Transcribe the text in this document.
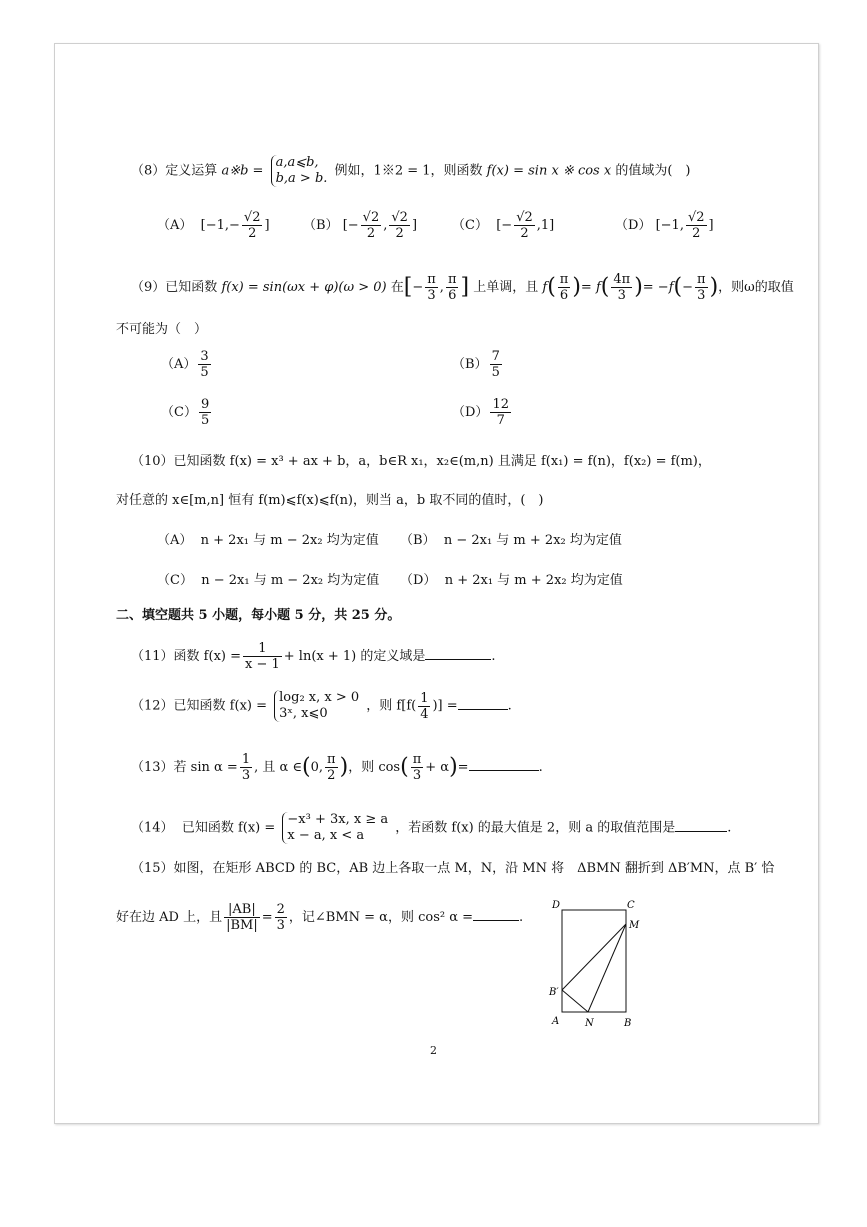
（8）定义运算 a※b = a,a⩽b,
b,a > b. 例如，1※2 = 1，则函数 f(x) = sin x ※ cos x 的值域为(　)
（A） [$-1,- \frac{√2}{2}$ ]	（B） [− $\frac{√2}{2}$ , $\frac{√2}{2}$ ]	（C） [− $\frac{√2}{2} ,1$]	（D） [−1, $\frac{√2}{2}$ ]
（9）已知函数 f(x) = sin(ωx + φ)(ω > 0) 在[− $\frac{\pi}{3}$ , $\frac{\pi}{6}$ ] 上单调，且 $f( \frac{\pi}{6}$ )= $f( \frac{4\pi}{3}$ )= $-f(- \frac{\pi}{3}$ )，则ω的取值
不可能为（　）
$(A) \frac{3}{5}$	$(B) \frac{7}{5}$
$(C) \frac{9}{5}$	$(D) \frac{12}{7}$
（10）已知函数 f(x) = x³ + ax + b，a，b∈R x₁，x₂∈(m,n) 且满足 f(x₁) = f(n)，f(x₂) = f(m)，
对任意的 x∈[m,n] 恒有 f(m)⩽f(x)⩽f(n)，则当 a，b 取不同的值时，(　)
（A） n + 2x₁ 与 m − 2x₂ 均为定值 （B） n − 2x₁ 与 m + 2x₂ 均为定值
（C） n − 2x₁ 与 m − 2x₂ 均为定值 （D） n + 2x₁ 与 m + 2x₂ 均为定值
二、填空题共 5 小题，每小题 5 分，共 25 分。
（11）函数 $f(x) = \frac{1}{x - 1} + \ln(x + 1)$ 的定义域是	.
（12）已知函数 f(x) = log₂ x, x > 0
3ˣ, x⩽0	，则 $f[f( \frac{1}{4}$ )] =	.
（13）若 $\sin \alpha = \frac{1}{3}$ , 且 α ∈(0, $\frac{\pi}{2}$ )，则 $\cos( \frac{\pi}{3} + \alpha)=$	.
（14） 已知函数 f(x) = −x³ + 3x, x ≥ a
x − a, x < a ，若函数 f(x) 的最大值是 2，则 a 的取值范围是	.
（15）如图，在矩形 ABCD 的 BC，AB 边上各取一点 M，N，沿 MN 将　ΔBMN 翻折到 ΔB′MN，点 B′ 恰
好在边 AD 上，且 $\frac{|AB|}{|BM|} = \frac{2}{3}$ ，记∠BMN = α，则 cos² α =	.
D	C
M
B′
A	N	B
2
